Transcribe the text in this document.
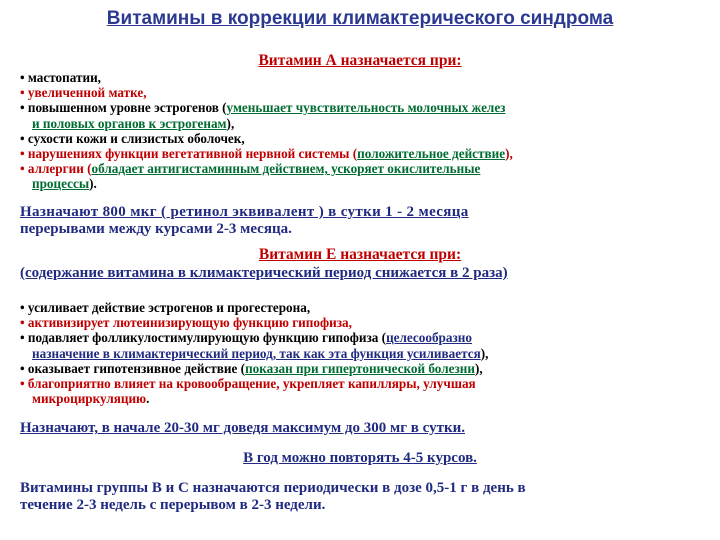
Витамины в коррекции климактерического синдрома
Витамин А назначается при:
• мастопатии,
• увеличенной матке,
• повышенном уровне эстрогенов (уменьшает чувствительность молочных желез
и половых органов к эстрогенам),
• сухости кожи и слизистых оболочек,
• нарушениях функции вегетативной нервной системы (положительное действие),
• аллергии (обладает антигистаминным действием, ускоряет окислительные
процессы).
Назначают 800 мкг ( ретинол эквивалент ) в сутки 1 - 2 месяца
перерывами между курсами 2-3 месяца.
Витамин Е назначается при:
(содержание витамина в климактерический период снижается в 2 раза)
• усиливает действие эстрогенов и прогестерона,
• активизирует лютеинизирующую функцию гипофиза,
• подавляет фолликулостимулирующую функцию гипофиза (целесообразно
назначение в климактерический период, так как эта функция усиливается),
• оказывает гипотензивное действие (показан при гипертонической болезни),
• благоприятно влияет на кровообращение, укрепляет капилляры, улучшая
микроциркуляцию.
Назначают, в начале 20-30 мг доведя максимум до 300 мг в сутки.
В год можно повторять 4-5 курсов.
Витамины группы В и С назначаются периодически в дозе 0,5-1 г в день в
течение 2-3 недель с перерывом в 2-3 недели.
